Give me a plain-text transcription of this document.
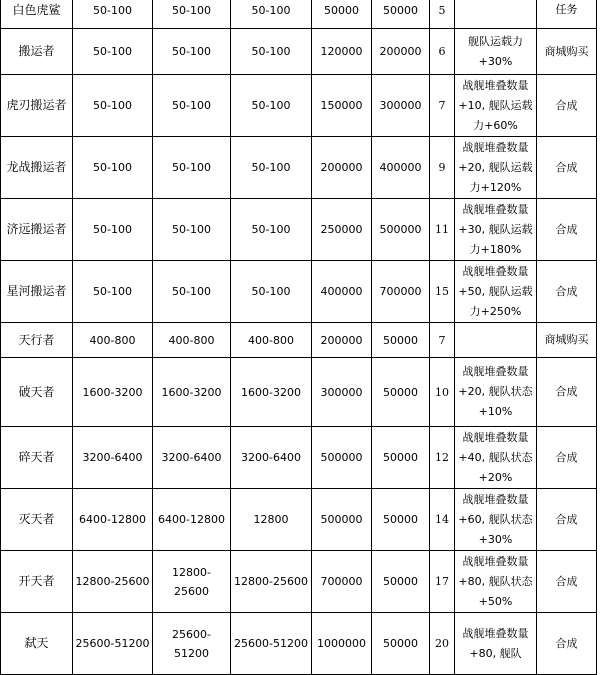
白色虎鲨	50-100	50-100	50-100	50000	50000	5		任务
搬运者	50-100	50-100	50-100	120000	200000	6	舰队运载力 +30%	商城购买
虎刃搬运者	50-100	50-100	50-100	150000	300000	7	战舰堆叠数量+10, 舰队运载力+60%	合成
龙战搬运者	50-100	50-100	50-100	200000	400000	9	战舰堆叠数量+20, 舰队运载力+120%	合成
济远搬运者	50-100	50-100	50-100	250000	500000	11	战舰堆叠数量+30, 舰队运载力+180%	合成
星河搬运者	50-100	50-100	50-100	400000	700000	15	战舰堆叠数量+50, 舰队运载力+250%	合成
天行者	400-800	400-800	400-800	200000	50000	7		商城购买
破天者	1600-3200	1600-3200	1600-3200	300000	50000	10	战舰堆叠数量+20, 舰队状态+10%	合成
碎天者	3200-6400	3200-6400	3200-6400	500000	50000	12	战舰堆叠数量+40, 舰队状态+20%	合成
灭天者	6400-12800	6400-12800	12800	500000	50000	14	战舰堆叠数量+60, 舰队状态+30%	合成
开天者	12800-25600	12800-25600	12800-25600	700000	50000	17	战舰堆叠数量+80, 舰队状态+50%	合成
弑天	25600-51200	25600-51200	25600-51200	1000000	50000	20	战舰堆叠数量+80, 舰队	合成
